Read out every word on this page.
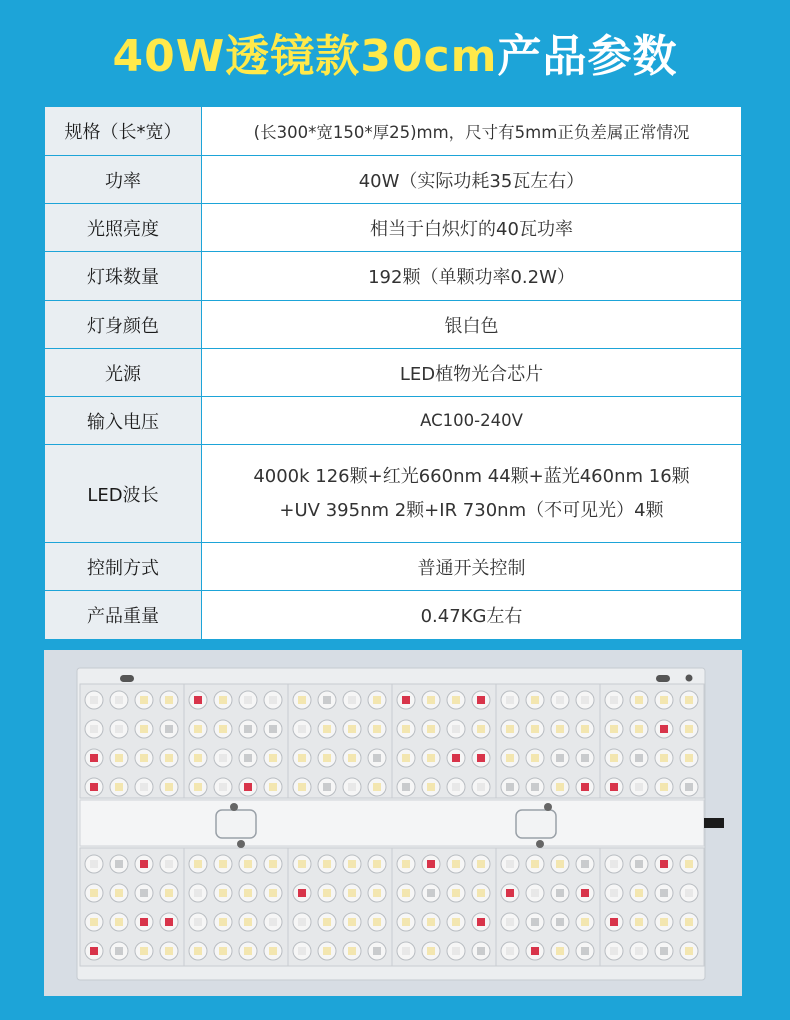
40W透镜款30cm产品参数
规格（长*宽）	(长300*宽150*厚25)mm，尺寸有5mm正负差属正常情况
功率	40W（实际功耗35瓦左右）
光照亮度	相当于白炽灯的40瓦功率
灯珠数量	192颗（单颗功率0.2W）
灯身颜色	银白色
光源	LED植物光合芯片
输入电压	AC100-240V
LED波长	4000k 126颗+红光660nm 44颗+蓝光460nm 16颗
+UV 395nm 2颗+IR 730nm（不可见光）4颗

控制方式	普通开关控制
产品重量	0.47KG左右
